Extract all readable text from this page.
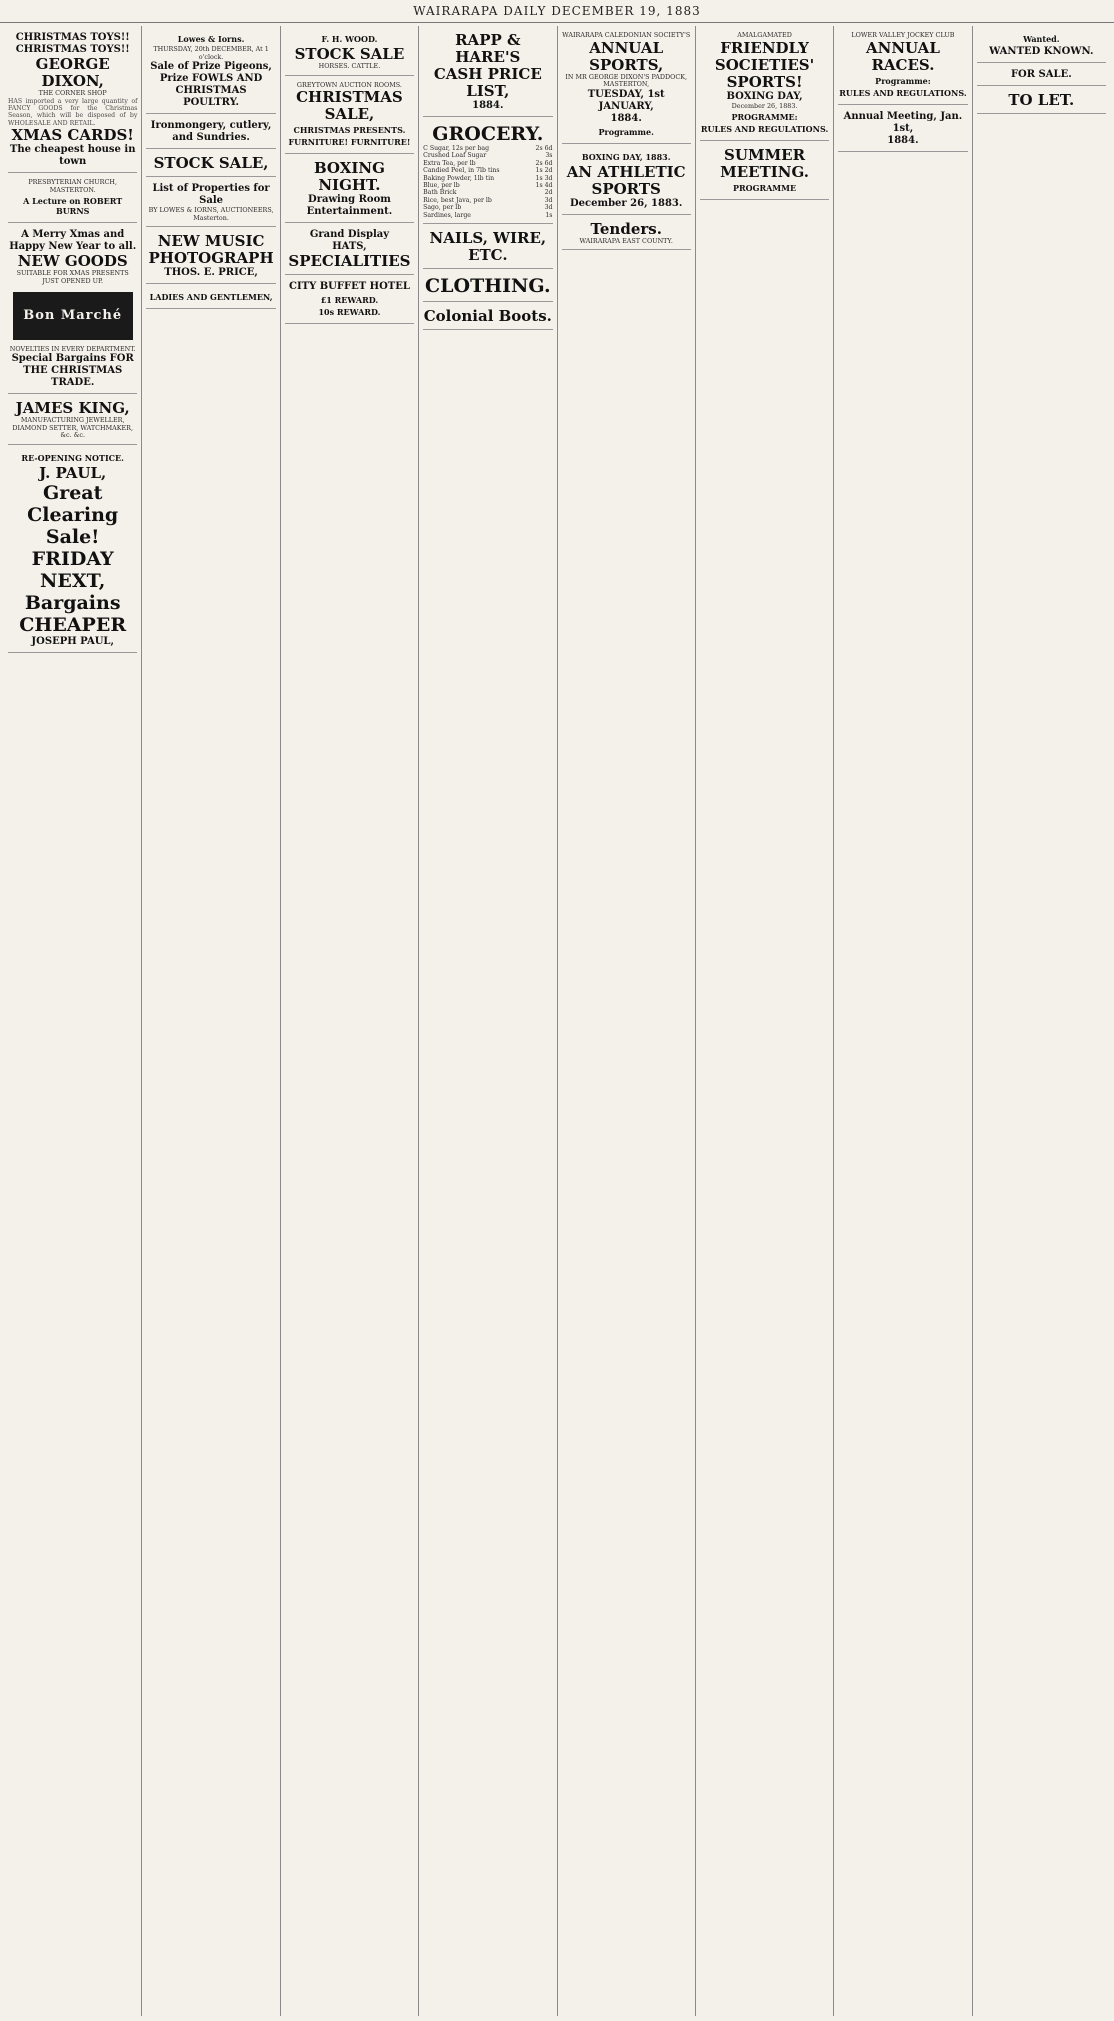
WAIRARAPA DAILY DECEMBER 19, 1883
CHRISTMAS TOYS!! CHRISTMAS TOYS!!
GEORGE DIXON,
THE CORNER SHOP
HAS imported a very large quantity of FANCY GOODS for the Christmas Season, which will be disposed of by WHOLESALE AND RETAIL.
XMAS CARDS!
The cheapest house in town
PRESBYTERIAN CHURCH, MASTERTON.
A Lecture on ROBERT BURNS
A Merry Xmas and Happy New Year to all.
NEW GOODS
SUITABLE FOR XMAS PRESENTS JUST OPENED UP.
Bon Marché
NOVELTIES IN EVERY DEPARTMENT.
Special Bargains FOR THE CHRISTMAS TRADE.
JAMES KING,
MANUFACTURING JEWELLER, DIAMOND SETTER, WATCHMAKER, &c. &c.
RE-OPENING NOTICE.
J. PAUL,
Great Clearing Sale!
FRIDAY NEXT,
Bargains
CHEAPER
JOSEPH PAUL,
Lowes & Iorns.
THURSDAY, 20th DECEMBER, At 1 o'clock.
Sale of Prize Pigeons, Prize FOWLS AND CHRISTMAS POULTRY.
Ironmongery, cutlery, and Sundries.
STOCK SALE,
List of Properties for Sale
BY LOWES & IORNS, AUCTIONEERS, Masterton.
NEW MUSIC
PHOTOGRAPH
THOS. E. PRICE,
LADIES AND GENTLEMEN,
F. H. WOOD.
STOCK SALE
HORSES. CATTLE.
GREYTOWN AUCTION ROOMS.
CHRISTMAS SALE,
CHRISTMAS PRESENTS.
FURNITURE! FURNITURE!
BOXING NIGHT.
Drawing Room Entertainment.
Grand Display
HATS,
SPECIALITIES
CITY BUFFET HOTEL
£1 REWARD.
10s REWARD.
RAPP & HARE'S
CASH PRICE LIST,
1884.
GROCERY.
C Sugar, 12s per bag	2s 6d
Crushed Loaf Sugar	3s
Extra Tea, per lb	2s 6d
Candied Peel, in 7lb tins	1s 2d
Baking Powder, 1lb tin	1s 3d
Blue, per lb	1s 4d
Bath Brick	2d
Rice, best Java, per lb	3d
Sago, per lb	3d
Sardines, large	1s
NAILS, WIRE, ETC.
CLOTHING.
Colonial Boots.
WAIRARAPA CALEDONIAN SOCIETY'S
ANNUAL SPORTS,
IN MR GEORGE DIXON'S PADDOCK, MASTERTON,
TUESDAY, 1st JANUARY,
1884.
Programme.
BOXING DAY, 1883.
AN ATHLETIC SPORTS
December 26, 1883.
Tenders.
WAIRARAPA EAST COUNTY.
AMALGAMATED
FRIENDLY SOCIETIES' SPORTS!
BOXING DAY,
December 26, 1883.
PROGRAMME:
RULES AND REGULATIONS.
SUMMER MEETING.
PROGRAMME
LOWER VALLEY JOCKEY CLUB
ANNUAL RACES.
Programme:
RULES AND REGULATIONS.
Annual Meeting, Jan. 1st,
1884.
Wanted.
WANTED KNOWN.
FOR SALE.
TO LET.
